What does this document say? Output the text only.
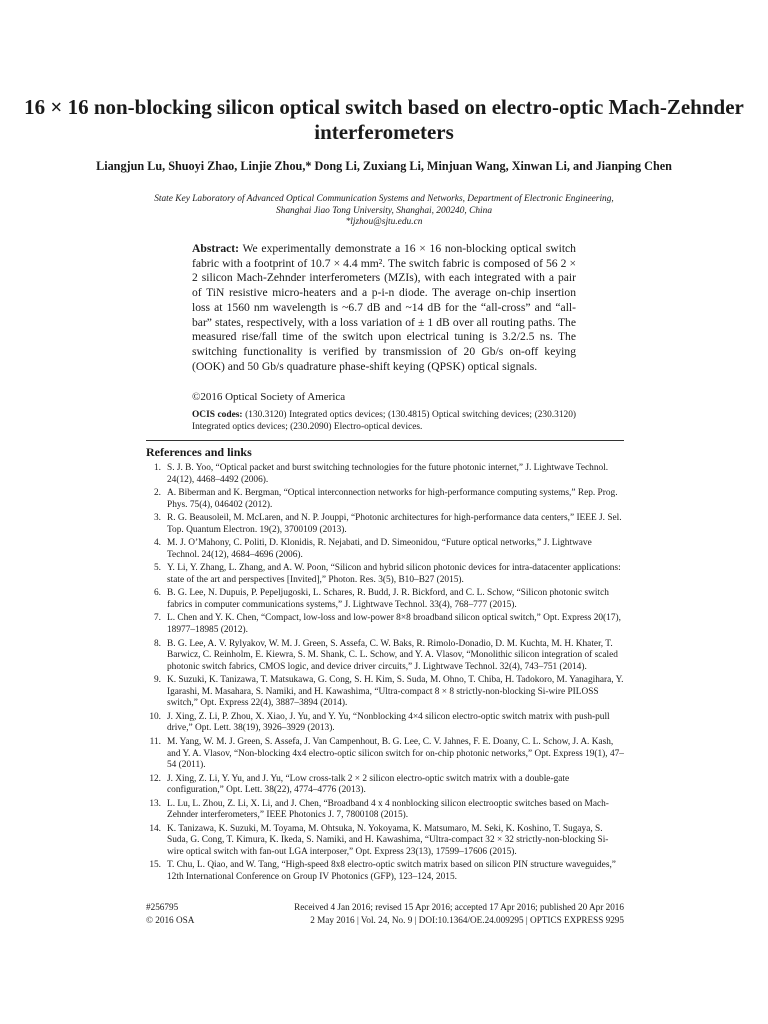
16 × 16 non-blocking silicon optical switch based on electro-optic Mach-Zehnder interferometers
Liangjun Lu, Shuoyi Zhao, Linjie Zhou,* Dong Li, Zuxiang Li, Minjuan Wang, Xinwan Li, and Jianping Chen
State Key Laboratory of Advanced Optical Communication Systems and Networks, Department of Electronic Engineering, Shanghai Jiao Tong University, Shanghai, 200240, China
*ljzhou@sjtu.edu.cn
Abstract: We experimentally demonstrate a 16 × 16 non-blocking optical switch fabric with a footprint of 10.7 × 4.4 mm². The switch fabric is composed of 56 2 × 2 silicon Mach-Zehnder interferometers (MZIs), with each integrated with a pair of TiN resistive micro-heaters and a p-i-n diode. The average on-chip insertion loss at 1560 nm wavelength is ~6.7 dB and ~14 dB for the “all-cross” and “all-bar” states, respectively, with a loss variation of ± 1 dB over all routing paths. The measured rise/fall time of the switch upon electrical tuning is 3.2/2.5 ns. The switching functionality is verified by transmission of 20 Gb/s on-off keying (OOK) and 50 Gb/s quadrature phase-shift keying (QPSK) optical signals.
©2016 Optical Society of America
OCIS codes: (130.3120) Integrated optics devices; (130.4815) Optical switching devices; (230.3120) Integrated optics devices; (230.2090) Electro-optical devices.
References and links
1. S. J. B. Yoo, “Optical packet and burst switching technologies for the future photonic internet,” J. Lightwave Technol. 24(12), 4468–4492 (2006).
2. A. Biberman and K. Bergman, “Optical interconnection networks for high-performance computing systems,” Rep. Prog. Phys. 75(4), 046402 (2012).
3. R. G. Beausoleil, M. McLaren, and N. P. Jouppi, “Photonic architectures for high-performance data centers,” IEEE J. Sel. Top. Quantum Electron. 19(2), 3700109 (2013).
4. M. J. O’Mahony, C. Politi, D. Klonidis, R. Nejabati, and D. Simeonidou, “Future optical networks,” J. Lightwave Technol. 24(12), 4684–4696 (2006).
5. Y. Li, Y. Zhang, L. Zhang, and A. W. Poon, “Silicon and hybrid silicon photonic devices for intra-datacenter applications: state of the art and perspectives [Invited],” Photon. Res. 3(5), B10–B27 (2015).
6. B. G. Lee, N. Dupuis, P. Pepeljugoski, L. Schares, R. Budd, J. R. Bickford, and C. L. Schow, “Silicon photonic switch fabrics in computer communications systems,” J. Lightwave Technol. 33(4), 768–777 (2015).
7. L. Chen and Y. K. Chen, “Compact, low-loss and low-power 8×8 broadband silicon optical switch,” Opt. Express 20(17), 18977–18985 (2012).
8. B. G. Lee, A. V. Rylyakov, W. M. J. Green, S. Assefa, C. W. Baks, R. Rimolo-Donadio, D. M. Kuchta, M. H. Khater, T. Barwicz, C. Reinholm, E. Kiewra, S. M. Shank, C. L. Schow, and Y. A. Vlasov, “Monolithic silicon integration of scaled photonic switch fabrics, CMOS logic, and device driver circuits,” J. Lightwave Technol. 32(4), 743–751 (2014).
9. K. Suzuki, K. Tanizawa, T. Matsukawa, G. Cong, S. H. Kim, S. Suda, M. Ohno, T. Chiba, H. Tadokoro, M. Yanagihara, Y. Igarashi, M. Masahara, S. Namiki, and H. Kawashima, “Ultra-compact 8 × 8 strictly-non-blocking Si-wire PILOSS switch,” Opt. Express 22(4), 3887–3894 (2014).
10. J. Xing, Z. Li, P. Zhou, X. Xiao, J. Yu, and Y. Yu, “Nonblocking 4×4 silicon electro-optic switch matrix with push-pull drive,” Opt. Lett. 38(19), 3926–3929 (2013).
11. M. Yang, W. M. J. Green, S. Assefa, J. Van Campenhout, B. G. Lee, C. V. Jahnes, F. E. Doany, C. L. Schow, J. A. Kash, and Y. A. Vlasov, “Non-blocking 4x4 electro-optic silicon switch for on-chip photonic networks,” Opt. Express 19(1), 47–54 (2011).
12. J. Xing, Z. Li, Y. Yu, and J. Yu, “Low cross-talk 2 × 2 silicon electro-optic switch matrix with a double-gate configuration,” Opt. Lett. 38(22), 4774–4776 (2013).
13. L. Lu, L. Zhou, Z. Li, X. Li, and J. Chen, “Broadband 4 x 4 nonblocking silicon electrooptic switches based on Mach-Zehnder interferometers,” IEEE Photonics J. 7, 7800108 (2015).
14. K. Tanizawa, K. Suzuki, M. Toyama, M. Ohtsuka, N. Yokoyama, K. Matsumaro, M. Seki, K. Koshino, T. Sugaya, S. Suda, G. Cong, T. Kimura, K. Ikeda, S. Namiki, and H. Kawashima, “Ultra-compact 32 × 32 strictly-non-blocking Si-wire optical switch with fan-out LGA interposer,” Opt. Express 23(13), 17599–17606 (2015).
15. T. Chu, L. Qiao, and W. Tang, “High-speed 8x8 electro-optic switch matrix based on silicon PIN structure waveguides,” 12th International Conference on Group IV Photonics (GFP), 123–124, 2015.
#256795	Received 4 Jan 2016; revised 15 Apr 2016; accepted 17 Apr 2016; published 20 Apr 2016
© 2016 OSA	2 May 2016 | Vol. 24, No. 9 | DOI:10.1364/OE.24.009295 | OPTICS EXPRESS 9295
